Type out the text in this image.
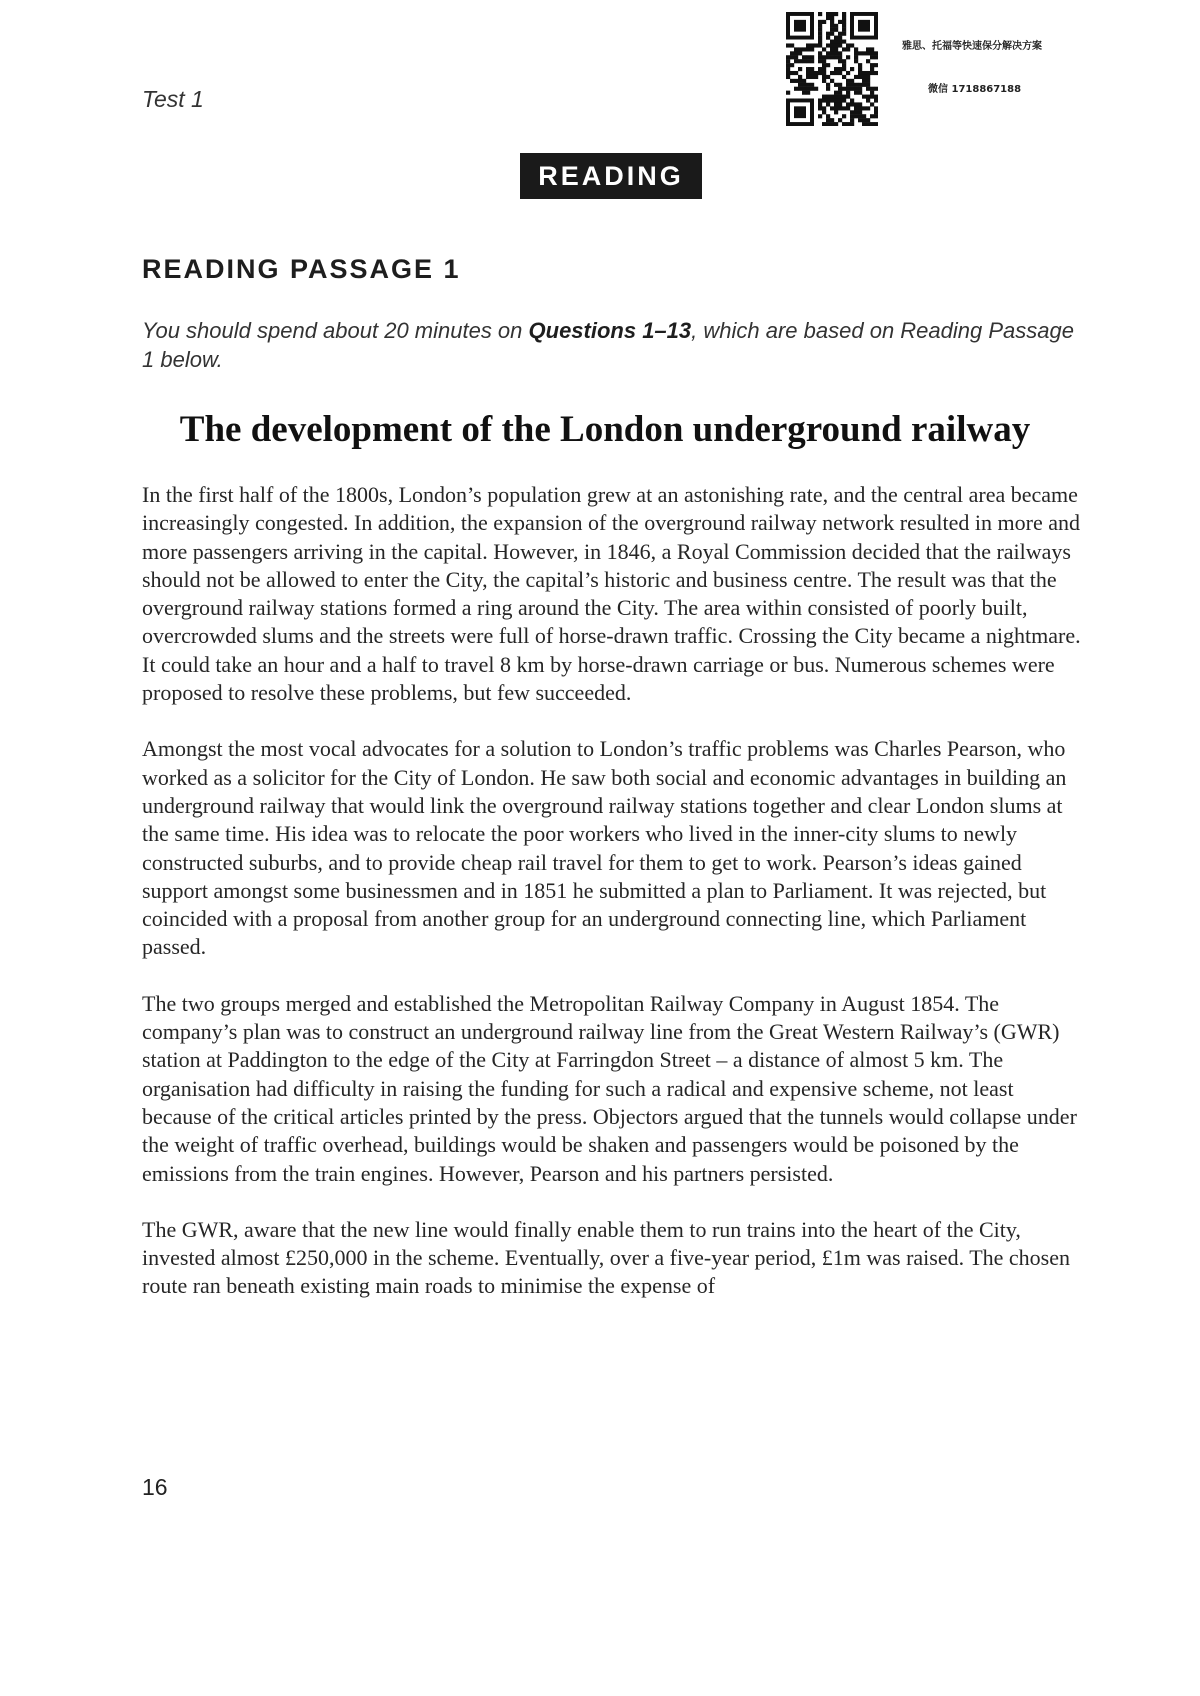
Test 1
雅思、托福等快速保分解决方案
微信 1718867188
READING
READING PASSAGE 1
You should spend about 20 minutes on Questions 1–13, which are based on Reading Passage 1 below.
The development of the London underground railway

In the first half of the 1800s, London’s population grew at an astonishing rate, and the central area became increasingly congested. In addition, the expansion of the overground railway network resulted in more and more passengers arriving in the capital. However, in 1846, a Royal Commission decided that the railways should not be allowed to enter the City, the capital’s historic and business centre. The result was that the overground railway stations formed a ring around the City. The area within consisted of poorly built, overcrowded slums and the streets were full of horse-drawn traffic. Crossing the City became a nightmare. It could take an hour and a half to travel 8 km by horse-drawn carriage or bus. Numerous schemes were proposed to resolve these problems, but few succeeded.

Amongst the most vocal advocates for a solution to London’s traffic problems was Charles Pearson, who worked as a solicitor for the City of London. He saw both social and economic advantages in building an underground railway that would link the overground railway stations together and clear London slums at the same time. His idea was to relocate the poor workers who lived in the inner-city slums to newly constructed suburbs, and to provide cheap rail travel for them to get to work. Pearson’s ideas gained support amongst some businessmen and in 1851 he submitted a plan to Parliament. It was rejected, but coincided with a proposal from another group for an underground connecting line, which Parliament passed.

The two groups merged and established the Metropolitan Railway Company in August 1854. The company’s plan was to construct an underground railway line from the Great Western Railway’s (GWR) station at Paddington to the edge of the City at Farringdon Street – a distance of almost 5 km. The organisation had difficulty in raising the funding for such a radical and expensive scheme, not least because of the critical articles printed by the press. Objectors argued that the tunnels would collapse under the weight of traffic overhead, buildings would be shaken and passengers would be poisoned by the emissions from the train engines. However, Pearson and his partners persisted.

The GWR, aware that the new line would finally enable them to run trains into the heart of the City, invested almost £250,000 in the scheme. Eventually, over a five-year period, £1m was raised. The chosen route ran beneath existing main roads to minimise the expense of

16
